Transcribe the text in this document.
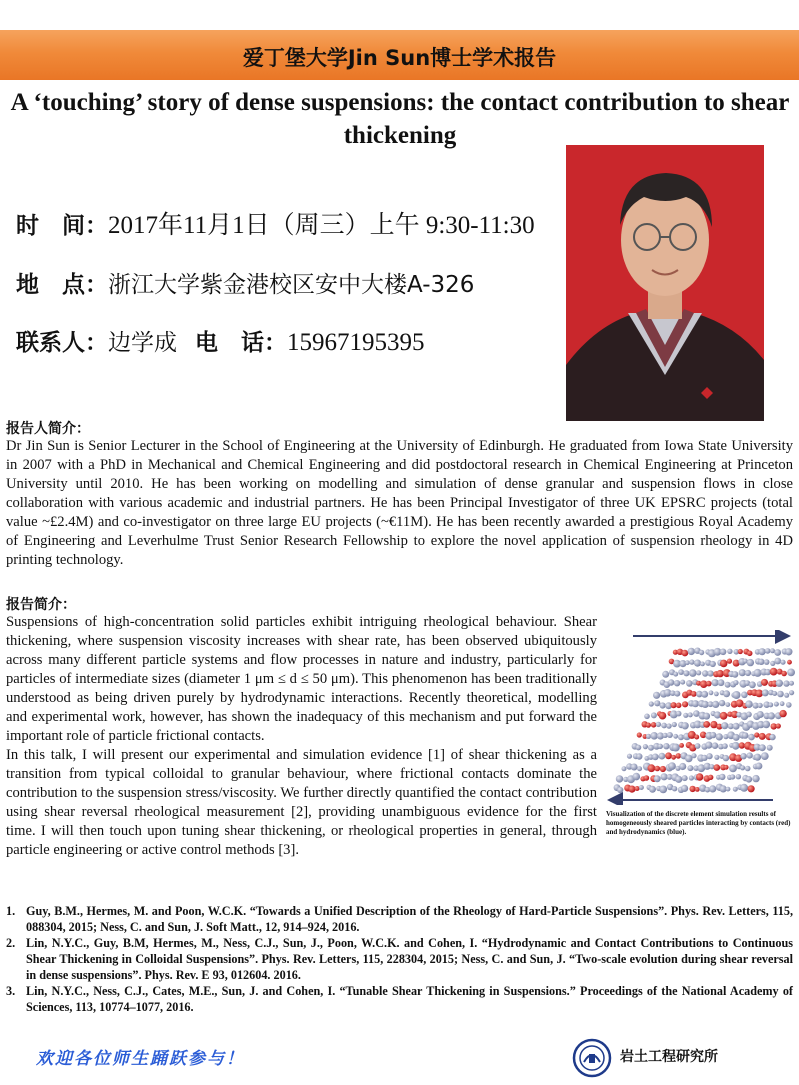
爱丁堡大学Jin Sun博士学术报告
A ‘touching’ story of dense suspensions: the contact contribution to shear thickening
时　间：2017年11月1日（周三）上午 9:30-11:30
地　点：浙江大学紫金港校区安中大楼A-326
联系人：边学成 电　话：15967195395
报告人简介：
Dr Jin Sun is Senior Lecturer in the School of Engineering at the University of Edinburgh. He graduated from Iowa State University in 2007 with a PhD in Mechanical and Chemical Engineering and did postdoctoral research in Chemical Engineering at Princeton University until 2010. He has been working on modelling and simulation of dense granular and suspension flows in close collaboration with various academic and industrial partners. He has been Principal Investigator of three UK EPSRC projects (total value ~£2.4M) and co-investigator on three large EU projects (~€11M). He has been recently awarded a prestigious Royal Academy of Engineering and Leverhulme Trust Senior Research Fellowship to explore the novel application of suspension rheology in 4D printing technology.
报告简介：

Suspensions of high-concentration solid particles exhibit intriguing rheological behaviour. Shear thickening, where suspension viscosity increases with shear rate, has been observed ubiquitously across many different particle systems and flow processes in nature and industry, particularly for particles of intermediate sizes (diameter 1 μm ≤ d ≤ 50 μm). This phenomenon has been traditionally understood as being driven purely by hydrodynamic interactions. Recently theoretical, modelling and experimental work, however, has shown the inadequacy of this mechanism and put forward the important role of particle frictional contacts.

In this talk, I will present our experimental and simulation evidence [1] of shear thickening as a transition from typical colloidal to granular behaviour, where frictional contacts dominate the contribution to the suspension stress/viscosity. We further directly quantified the contact contribution using shear reversal rheological measurement [2], providing unambiguous evidence for the first time. I will then touch upon tuning shear thickening, or rheological properties in general, through particle engineering or active control methods [3].

Visualization of the discrete element simulation results of homogeneously sheared particles interacting by contacts (red) and hydrodynamics (blue).
1. Guy, B.M., Hermes, M. and Poon, W.C.K. “Towards a Unified Description of the Rheology of Hard-Particle Suspensions”. Phys. Rev. Letters, 115, 088304, 2015; Ness, C. and Sun, J. Soft Matt., 12, 914–924, 2016.
2. Lin, N.Y.C., Guy, B.M, Hermes, M., Ness, C.J., Sun, J., Poon, W.C.K. and Cohen, I. “Hydrodynamic and Contact Contributions to Continuous Shear Thickening in Colloidal Suspensions”. Phys. Rev. Letters, 115, 228304, 2015; Ness, C. and Sun, J. “Two-scale evolution during shear reversal in dense suspensions”. Phys. Rev. E 93, 012604. 2016.
3. Lin, N.Y.C., Ness, C.J., Cates, M.E., Sun, J. and Cohen, I. “Tunable Shear Thickening in Suspensions.” Proceedings of the National Academy of Sciences, 113, 10774–1077, 2016.
欢迎各位师生踊跃参与！	岩土工程研究所
